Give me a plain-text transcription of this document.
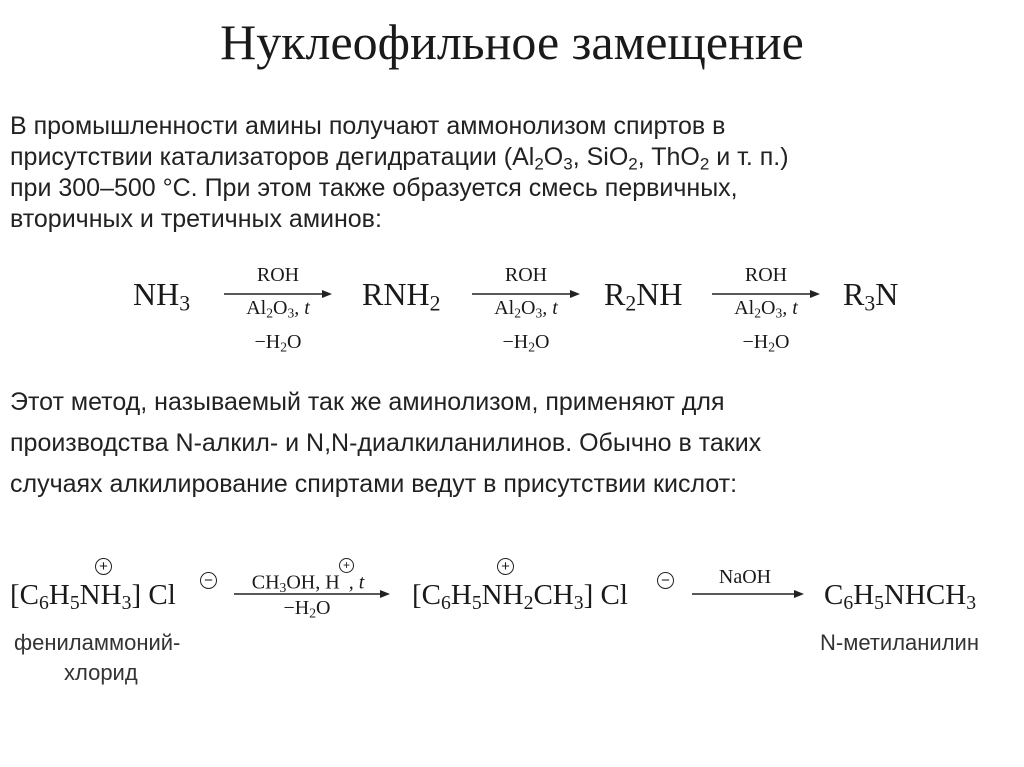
Нуклеофильное замещение
В промышленности амины получают аммонолизом спиртов в
присутствии катализаторов дегидратации ($Al_2O_3$, SiO$_2$, ThO$_2$ и т. п.)
при 300–500 °C. При этом также образуется смесь первичных,
вторичных и третичных аминов:
$NH_3$	$RNH_2$	$R_2NH$	$R_3N$
ROH
$Al_2O_3$, t
$-H_2O$
ROH
$Al_2O_3$, t
$-H_2O$
ROH
$Al_2O_3$, t
$-H_2O$
Этот метод, называемый так же аминолизом, применяют для
производства N-алкил- и N,N-диалкиланилинов. Обычно в таких
случаях алкилирование спиртами ведут в присутствии кислот:
$[C_6H_5NH_3]$ Cl
+
−	$CH_3OH$, H , t
+
$-H_2O$	$[C_6H_5NH_2CH_3]$ Cl
+
−	NaOH
$C_6H_5NHCH_3$
фениламмоний-
хлорид
N-метиланилин
